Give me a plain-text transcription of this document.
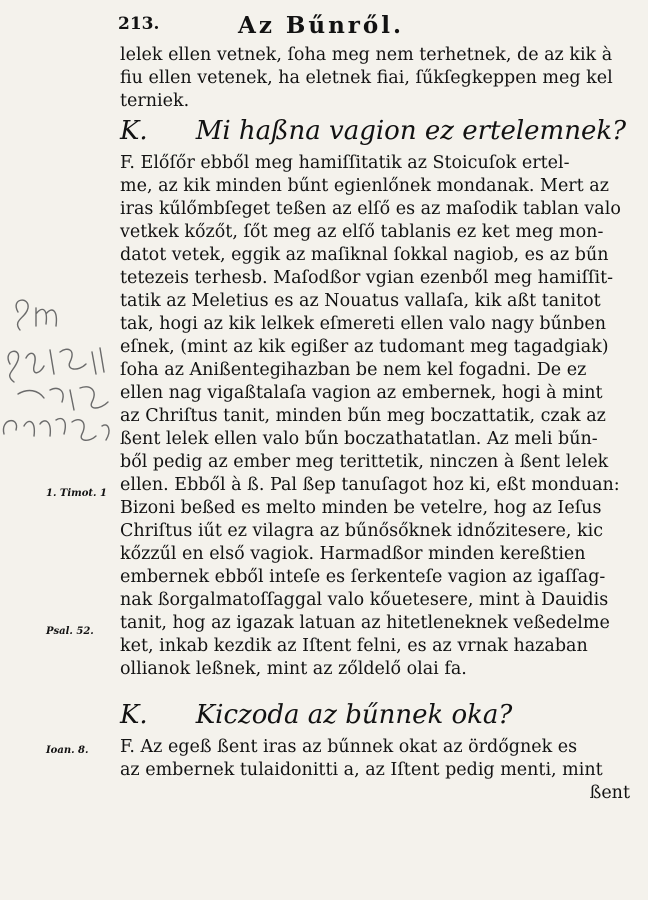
213.	Az Bűnről.
lelek ellen vetnek, ſoha meg nem terhetnek, de az kik à
fiu ellen vetenek, ha eletnek fiai, ſűkſegkeppen meg kel
terniek.
F. Előſőr ebből meg hamiſſitatik az Stoicuſok ertel-
me, az kik minden bűnt egienlőnek mondanak. Mert az
iras kűlőmbſeget teßen az elſő es az maſodik tablan valo
vetkek kőzőt, ſőt meg az elſő tablanis ez ket meg mon-
datot vetek, eggik az maſiknal ſokkal nagiob, es az bűn
tetezeis terhesb. Maſodßor vgian ezenből meg hamiſſit-
tatik az Meletius es az Nouatus vallaſa, kik aßt tanitot
tak, hogi az kik lelkek eſmereti ellen valo nagy bűnben
eſnek, (mint az kik egißer az tudomant meg tagadgiak)
ſoha az Anißentegihazban be nem kel fogadni. De ez
ellen nag vigaßtalaſa vagion az embernek, hogi à mint
az Chriſtus tanit, minden bűn meg boczattatik, czak az
ßent lelek ellen valo bűn boczathatatlan. Az meli bűn-
ből pedig az ember meg terittetik, ninczen à ßent lelek
ellen. Ebből à ß. Pal ßep tanuſagot hoz ki, eßt monduan:
Bizoni beßed es melto minden be vetelre, hog az Ieſus
Chriſtus iűt ez vilagra az bűnősőknek idnőzitesere, kic
kőzzűl en első vagiok. Harmadßor minden kereßtien
embernek ebből inteſe es ſerkenteſe vagion az igaſſag-
nak ßorgalmatoſſaggal valo kőuetesere, mint à Dauidis
tanit, hog az igazak latuan az hitetleneknek veßedelme
ket, inkab kezdik az Iſtent felni, es az vrnak hazaban
ollianok leßnek, mint az zőldelő olai fa.
F. Az egeß ßent iras az bűnnek okat az ördőgnek es
az embernek tulaidonitti a, az Iſtent pedig menti, mint
ßent
K. Mi haßna vagion ez ertelemnek?
K. Kiczoda az bűnnek oka?
1. Timot. 1
Psal. 52.
Ioan. 8.
